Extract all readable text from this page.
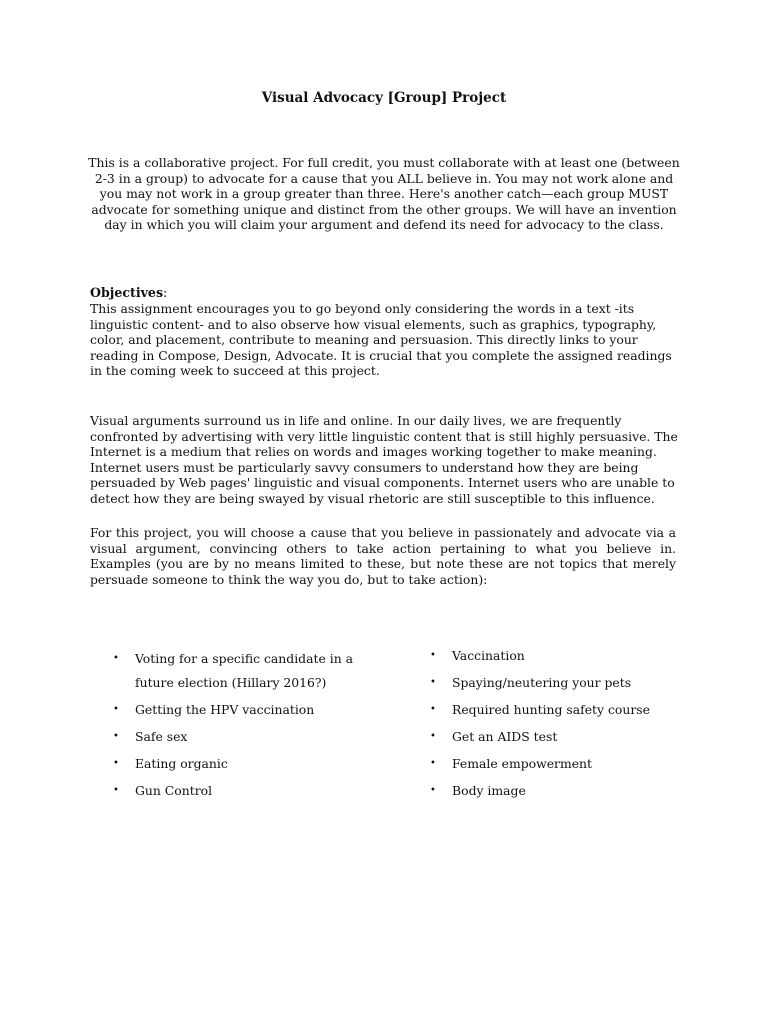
Visual Advocacy [Group] Project

This is a collaborative project. For full credit, you must collaborate with at least one (between 2-3 in a group) to advocate for a cause that you ALL believe in. You may not work alone and you may not work in a group greater than three. Here's another catch—each group MUST advocate for something unique and distinct from the other groups. We will have an invention day in which you will claim your argument and defend its need for advocacy to the class.

Objectives:

This assignment encourages you to go beyond only considering the words in a text -its linguistic content- and to also observe how visual elements, such as graphics, typography, color, and placement, contribute to meaning and persuasion. This directly links to your reading in Compose, Design, Advocate. It is crucial that you complete the assigned readings in the coming week to succeed at this project.

Visual arguments surround us in life and online. In our daily lives, we are frequently confronted by advertising with very little linguistic content that is still highly persuasive. The Internet is a medium that relies on words and images working together to make meaning. Internet users must be particularly savvy consumers to understand how they are being persuaded by Web pages' linguistic and visual components. Internet users who are unable to detect how they are being swayed by visual rhetoric are still susceptible to this influence.

For this project, you will choose a cause that you believe in passionately and advocate via a visual argument, convincing others to take action pertaining to what you believe in. Examples (you are by no means limited to these, but note these are not topics that merely persuade someone to think the way you do, but to take action):

• Voting for a specific candidate in a future election (Hillary 2016?)
• Getting the HPV vaccination
• Safe sex
• Eating organic
• Gun Control
• Vaccination
• Spaying/neutering your pets
• Required hunting safety course
• Get an AIDS test
• Female empowerment
• Body image
